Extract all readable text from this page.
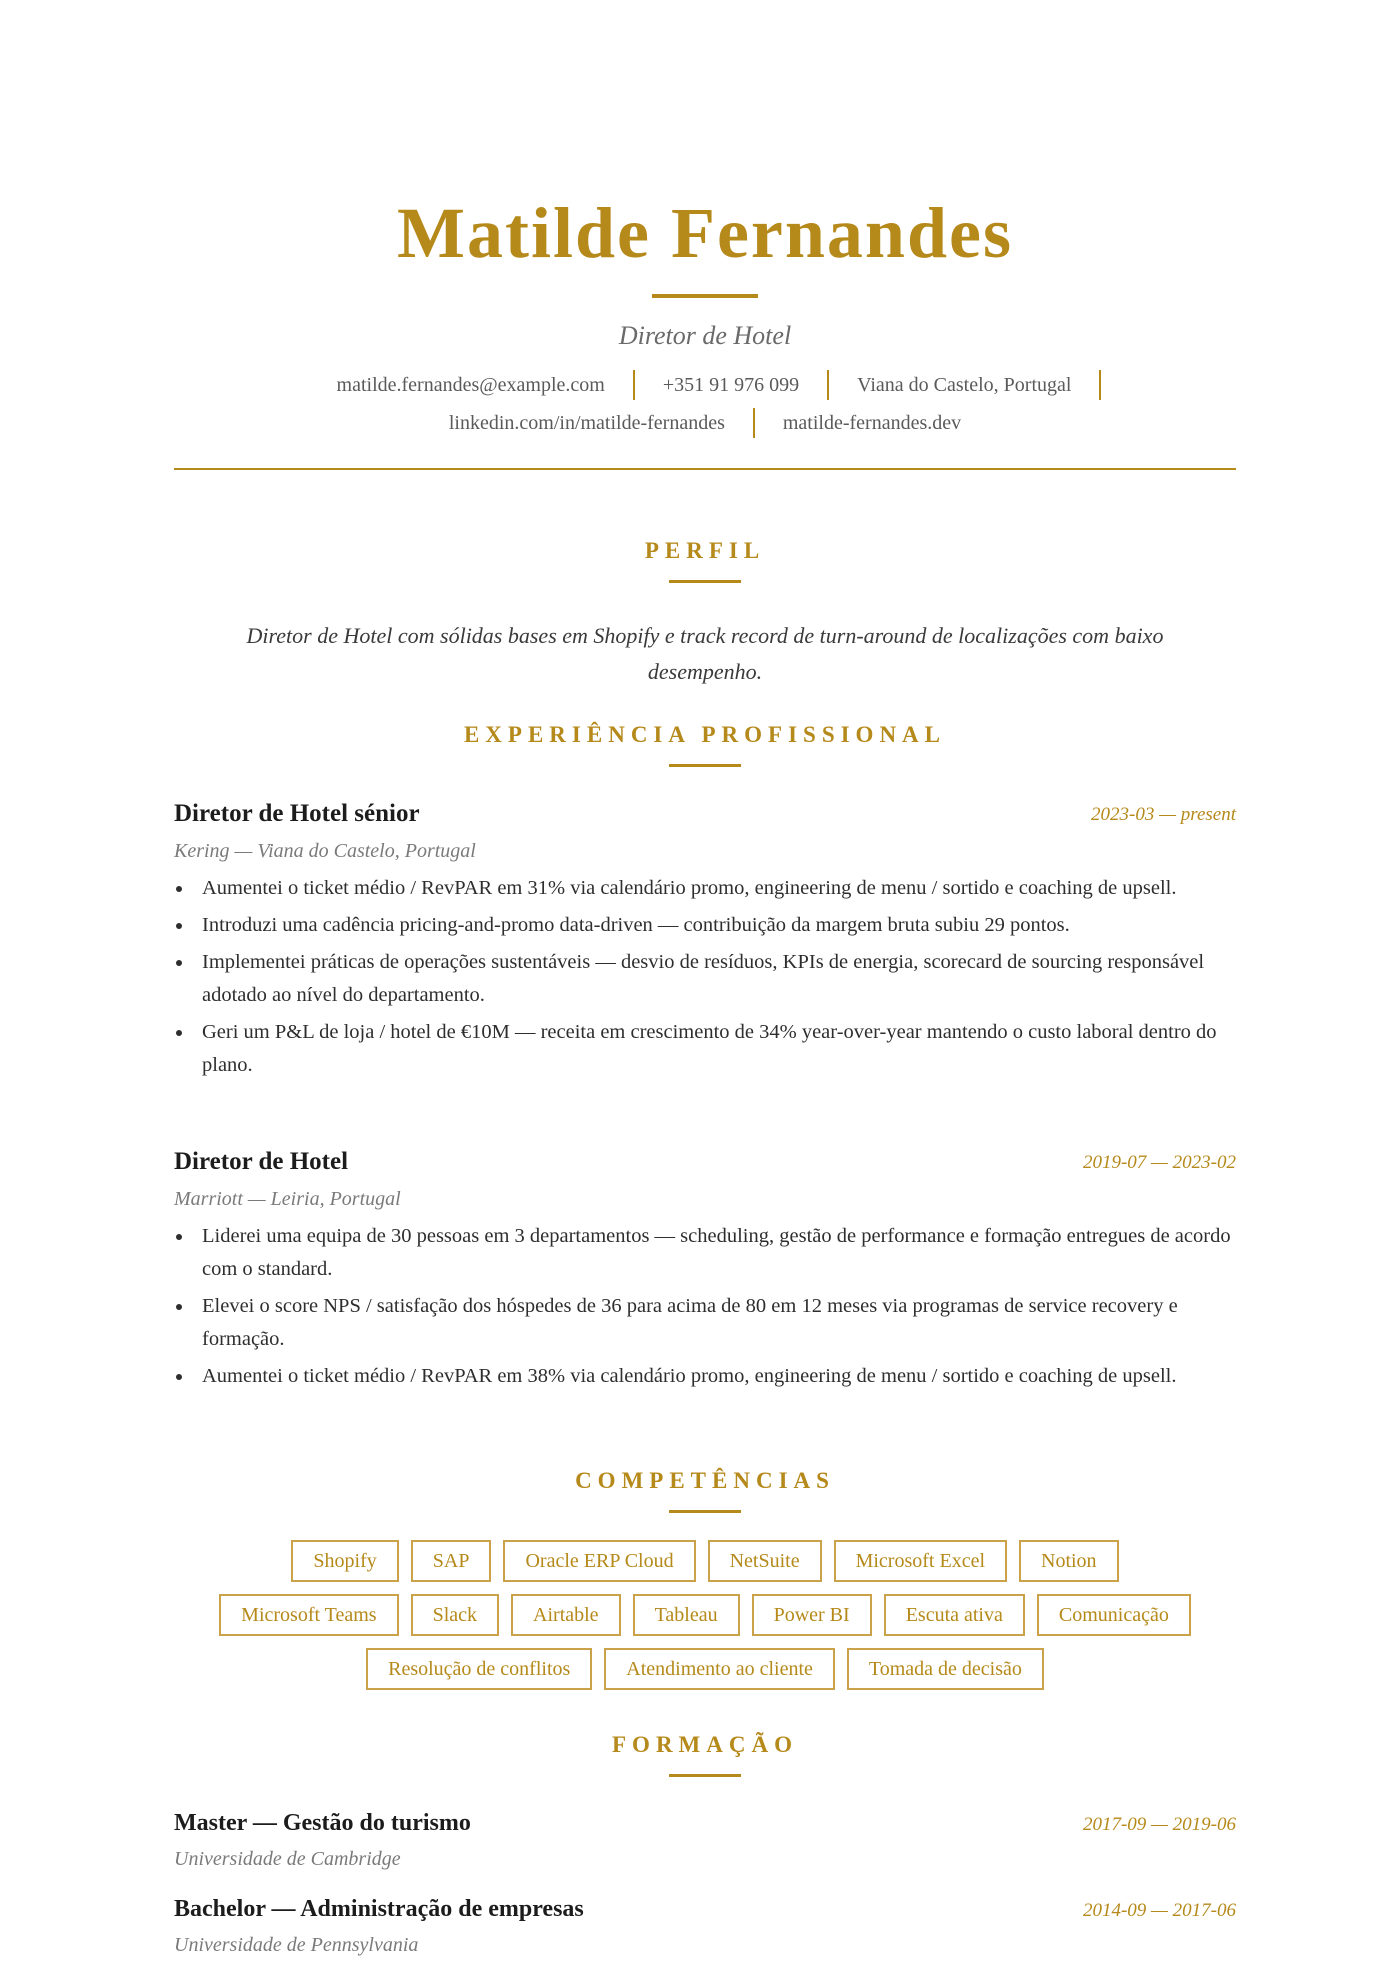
Matilde Fernandes
Diretor de Hotel
matilde.fernandes@example.com	+351 91 976 099	Viana do Castelo, Portugal
linkedin.com/in/matilde-fernandes	matilde-fernandes.dev
PERFIL
Diretor de Hotel com sólidas bases em Shopify e track record de turn-around de localizações com baixo desempenho.
EXPERIÊNCIA PROFISSIONAL
Diretor de Hotel sénior	2023-03 — present
Kering — Viana do Castelo, Portugal
Aumentei o ticket médio / RevPAR em 31% via calendário promo, engineering de menu / sortido e coaching de upsell.
Introduzi uma cadência pricing-and-promo data-driven — contribuição da margem bruta subiu 29 pontos.
Implementei práticas de operações sustentáveis — desvio de resíduos, KPIs de energia, scorecard de sourcing responsável adotado ao nível do departamento.
Geri um P&L de loja / hotel de €10M — receita em crescimento de 34% year-over-year mantendo o custo laboral dentro do plano.
Diretor de Hotel	2019-07 — 2023-02
Marriott — Leiria, Portugal
Liderei uma equipa de 30 pessoas em 3 departamentos — scheduling, gestão de performance e formação entregues de acordo com o standard.
Elevei o score NPS / satisfação dos hóspedes de 36 para acima de 80 em 12 meses via programas de service recovery e formação.
Aumentei o ticket médio / RevPAR em 38% via calendário promo, engineering de menu / sortido e coaching de upsell.
COMPETÊNCIAS
Shopify	SAP	Oracle ERP Cloud	NetSuite	Microsoft Excel	Notion
Microsoft Teams	Slack	Airtable	Tableau	Power BI	Escuta ativa	Comunicação
Resolução de conflitos	Atendimento ao cliente	Tomada de decisão
FORMAÇÃO
Master — Gestão do turismo	2017-09 — 2019-06
Universidade de Cambridge
Bachelor — Administração de empresas	2014-09 — 2017-06
Universidade de Pennsylvania
